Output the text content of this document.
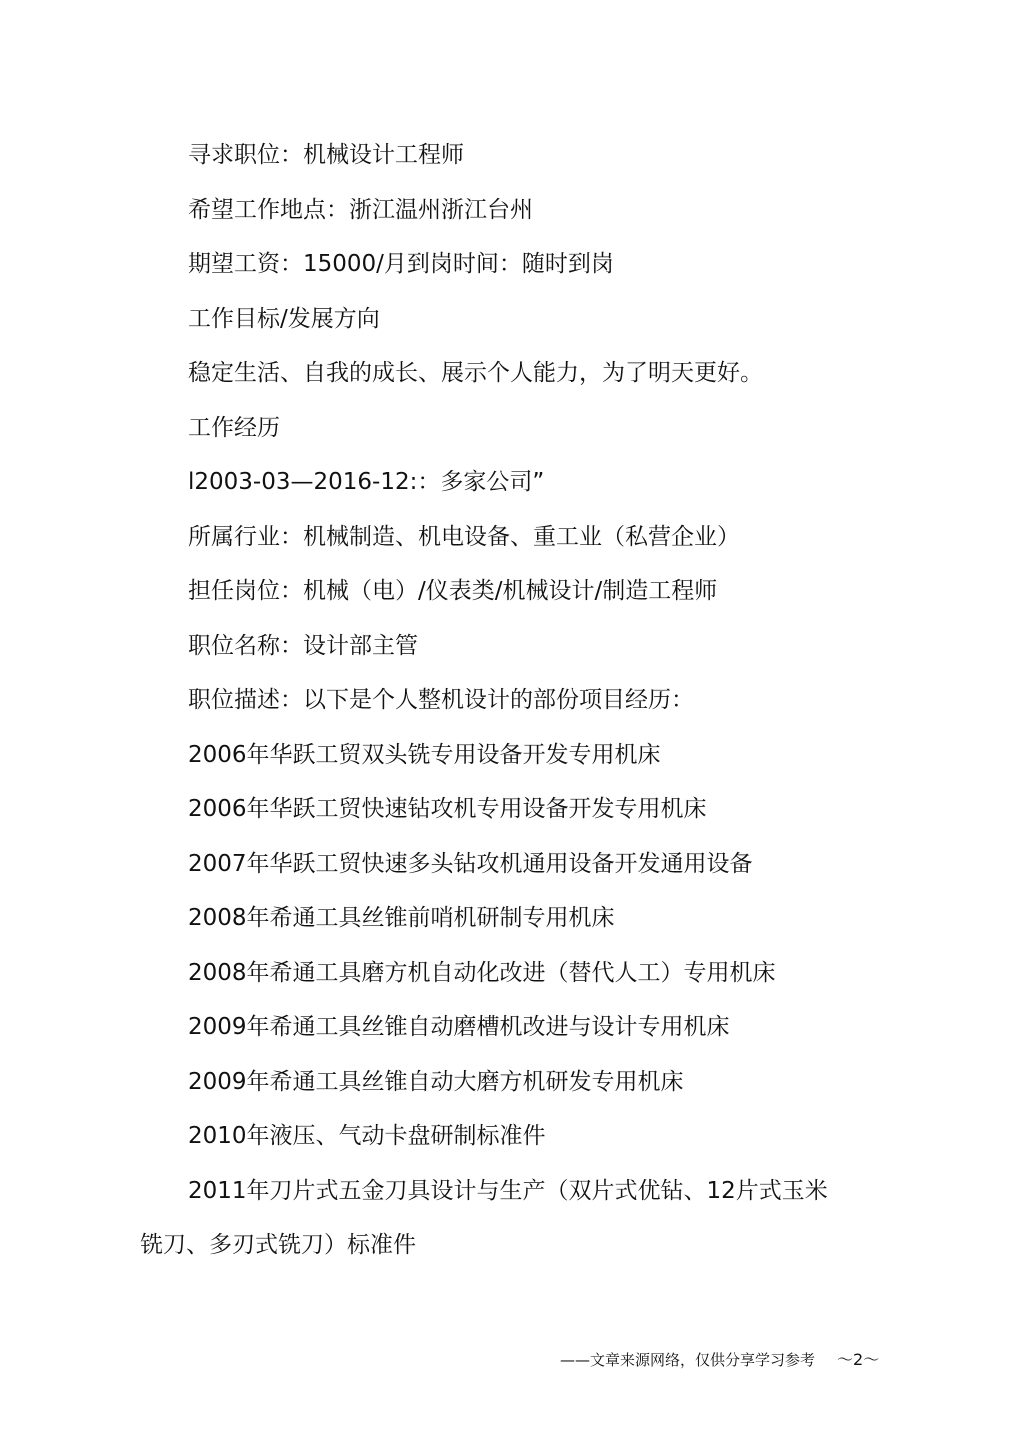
寻求职位：机械设计工程师
希望工作地点：浙江温州浙江台州
期望工资：15000/月到岗时间：随时到岗
工作目标/发展方向
稳定生活、自我的成长、展示个人能力，为了明天更好。
工作经历
l2003-03—2016-12:：多家公司”
所属行业：机械制造、机电设备、重工业（私营企业）
担任岗位：机械（电）/仪表类/机械设计/制造工程师
职位名称：设计部主管
职位描述：以下是个人整机设计的部份项目经历：
2006年华跃工贸双头铣专用设备开发专用机床
2006年华跃工贸快速钻攻机专用设备开发专用机床
2007年华跃工贸快速多头钻攻机通用设备开发通用设备
2008年希通工具丝锥前哨机研制专用机床
2008年希通工具磨方机自动化改进（替代人工）专用机床
2009年希通工具丝锥自动磨槽机改进与设计专用机床
2009年希通工具丝锥自动大磨方机研发专用机床
2010年液压、气动卡盘研制标准件
2011年刀片式五金刀具设计与生产（双片式优钻、12片式玉米
铣刀、多刃式铣刀）标准件
——文章来源网络，仅供分享学习参考 ～2～
